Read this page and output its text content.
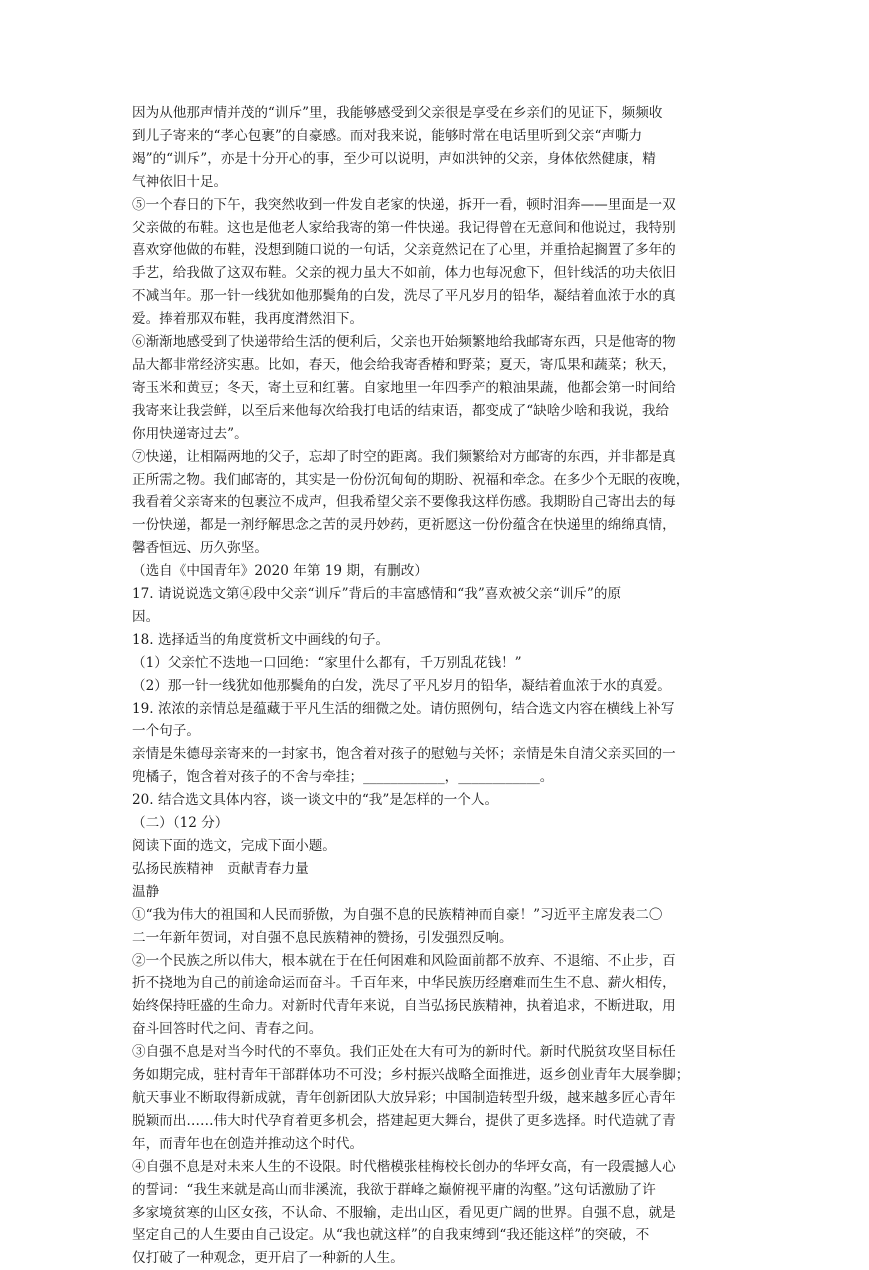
因为从他那声情并茂的“训斥”里，我能够感受到父亲很是享受在乡亲们的见证下，频频收

到儿子寄来的“孝心包裹”的自豪感。而对我来说，能够时常在电话里听到父亲“声嘶力

竭”的“训斥”，亦是十分开心的事，至少可以说明，声如洪钟的父亲，身体依然健康，精

气神依旧十足。

⑤一个春日的下午，我突然收到一件发自老家的快递，拆开一看，顿时泪奔——里面是一双

父亲做的布鞋。这也是他老人家给我寄的第一件快递。我记得曾在无意间和他说过，我特别

喜欢穿他做的布鞋，没想到随口说的一句话，父亲竟然记在了心里，并重拾起搁置了多年的

手艺，给我做了这双布鞋。父亲的视力虽大不如前，体力也每况愈下，但针线活的功夫依旧

不减当年。那一针一线犹如他那鬓角的白发，洗尽了平凡岁月的铅华，凝结着血浓于水的真

爱。捧着那双布鞋，我再度潸然泪下。

⑥渐渐地感受到了快递带给生活的便利后，父亲也开始频繁地给我邮寄东西，只是他寄的物

品大都非常经济实惠。比如，春天，他会给我寄香椿和野菜；夏天，寄瓜果和蔬菜；秋天，

寄玉米和黄豆；冬天，寄土豆和红薯。自家地里一年四季产的粮油果蔬，他都会第一时间给

我寄来让我尝鲜，以至后来他每次给我打电话的结束语，都变成了“缺啥少啥和我说，我给

你用快递寄过去”。

⑦快递，让相隔两地的父子，忘却了时空的距离。我们频繁给对方邮寄的东西，并非都是真

正所需之物。我们邮寄的，其实是一份份沉甸甸的期盼、祝福和牵念。在多少个无眠的夜晚，

我看着父亲寄来的包裹泣不成声，但我希望父亲不要像我这样伤感。我期盼自己寄出去的每

一份快递，都是一剂纾解思念之苦的灵丹妙药，更祈愿这一份份蕴含在快递里的绵绵真情，

馨香恒远、历久弥坚。

（选自《中国青年》2020 年第 19 期，有删改）

17. 请说说选文第④段中父亲“训斥”背后的丰富感情和“我”喜欢被父亲“训斥”的原

因。

18. 选择适当的角度赏析文中画线的句子。

（1）父亲忙不迭地一口回绝：“家里什么都有，千万别乱花钱！”

（2）那一针一线犹如他那鬓角的白发，洗尽了平凡岁月的铅华，凝结着血浓于水的真爱。

19. 浓浓的亲情总是蕴藏于平凡生活的细微之处。请仿照例句，结合选文内容在横线上补写

一个句子。

亲情是朱德母亲寄来的一封家书，饱含着对孩子的慰勉与关怀；亲情是朱自清父亲买回的一

兜橘子，饱含着对孩子的不舍与牵挂；____________，____________。

20. 结合选文具体内容，谈一谈文中的“我”是怎样的一个人。

（二）（12 分）

阅读下面的选文，完成下面小题。

弘扬民族精神　贡献青春力量

温静

①“我为伟大的祖国和人民而骄傲，为自强不息的民族精神而自豪！”习近平主席发表二〇

二一年新年贺词，对自强不息民族精神的赞扬，引发强烈反响。

②一个民族之所以伟大，根本就在于在任何困难和风险面前都不放弃、不退缩、不止步，百

折不挠地为自己的前途命运而奋斗。千百年来，中华民族历经磨难而生生不息、薪火相传，

始终保持旺盛的生命力。对新时代青年来说，自当弘扬民族精神，执着追求，不断进取，用

奋斗回答时代之问、青春之问。

③自强不息是对当今时代的不辜负。我们正处在大有可为的新时代。新时代脱贫攻坚目标任

务如期完成，驻村青年干部群体功不可没；乡村振兴战略全面推进，返乡创业青年大展拳脚；

航天事业不断取得新成就，青年创新团队大放异彩；中国制造转型升级，越来越多匠心青年

脱颖而出……伟大时代孕育着更多机会，搭建起更大舞台，提供了更多选择。时代造就了青

年，而青年也在创造并推动这个时代。

④自强不息是对未来人生的不设限。时代楷模张桂梅校长创办的华坪女高，有一段震撼人心

的誓词：“我生来就是高山而非溪流，我欲于群峰之巅俯视平庸的沟壑。”这句话激励了许

多家境贫寒的山区女孩，不认命、不服输，走出山区，看见更广阔的世界。自强不息，就是

坚定自己的人生要由自己设定。从“我也就这样”的自我束缚到“我还能这样”的突破，不

仅打破了一种观念，更开启了一种新的人生。
